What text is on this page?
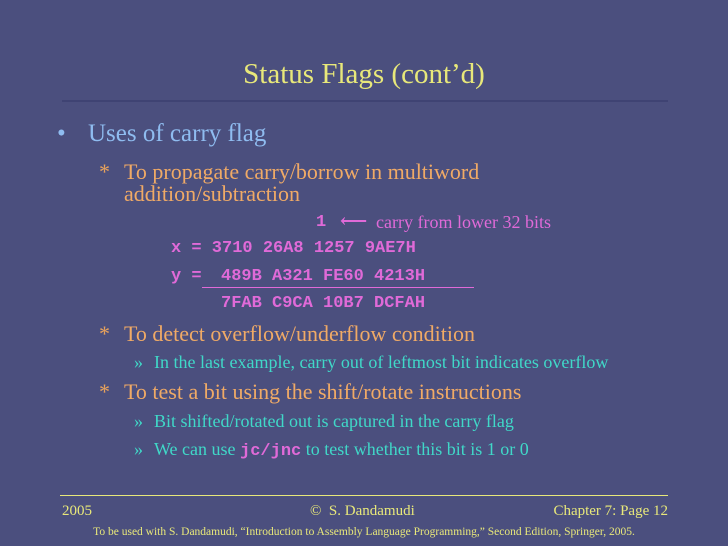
Status Flags (cont’d)
• Uses of carry flag
* To propagate carry/borrow in multiword
addition/subtraction
1 ⟵ carry from lower 32 bits
x = 3710 26A8 1257 9AE7H
y = 489B A321 FE60 4213H
7FAB C9CA 10B7 DCFAH
* To detect overflow/underflow condition
» In the last example, carry out of leftmost bit indicates overflow
* To test a bit using the shift/rotate instructions
» Bit shifted/rotated out is captured in the carry flag
» We can use jc/jnc to test whether this bit is 1 or 0
2005	© S. Dandamudi	Chapter 7: Page 12
To be used with S. Dandamudi, “Introduction to Assembly Language Programming,” Second Edition, Springer, 2005.
